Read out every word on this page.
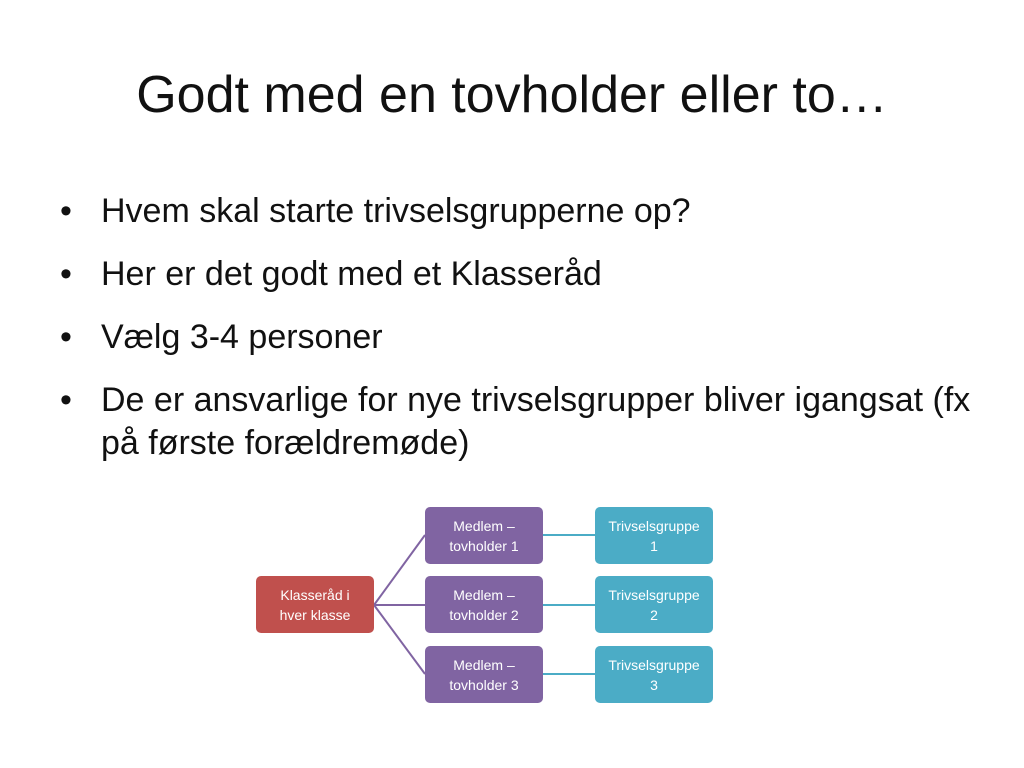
Godt med en tovholder eller to…
• Hvem skal starte trivselsgrupperne op?
• Her er det godt med et Klasseråd
• Vælg 3-4 personer
• De er ansvarlige for nye trivselsgrupper bliver igangsat (fx på første forældremøde)
Klasseråd i
hver klasse
Medlem –
tovholder 1
Medlem –
tovholder 2
Medlem –
tovholder 3
Trivselsgruppe
1
Trivselsgruppe
2
Trivselsgruppe
3
